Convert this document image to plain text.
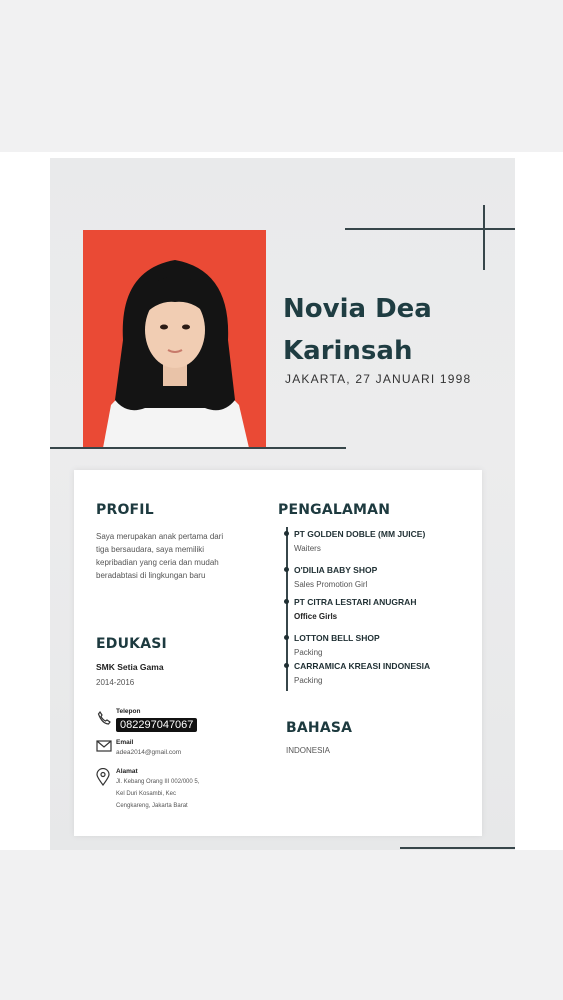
Novia Dea
Karinsah
JAKARTA, 27 JANUARI 1998
PROFIL
Saya merupakan anak pertama dari
tiga bersaudara, saya memiliki
kepribadian yang ceria dan mudah
beradabtasi di lingkungan baru
EDUKASI
SMK Setia Gama
2014-2016
Telepon
082297047067
Email
adea2014@gmail.com
Alamat
Jl. Kebang Orang III 002/000 5,
Kel Duri Kosambi, Kec
Cengkareng, Jakarta Barat
PENGALAMAN
PT GOLDEN DOBLE (MM JUICE)
Waiters
O'DILIA BABY SHOP
Sales Promotion Girl
PT CITRA LESTARI ANUGRAH
Office Girls
LOTTON BELL SHOP
Packing
CARRAMICA KREASI INDONESIA
Packing
BAHASA
INDONESIA
